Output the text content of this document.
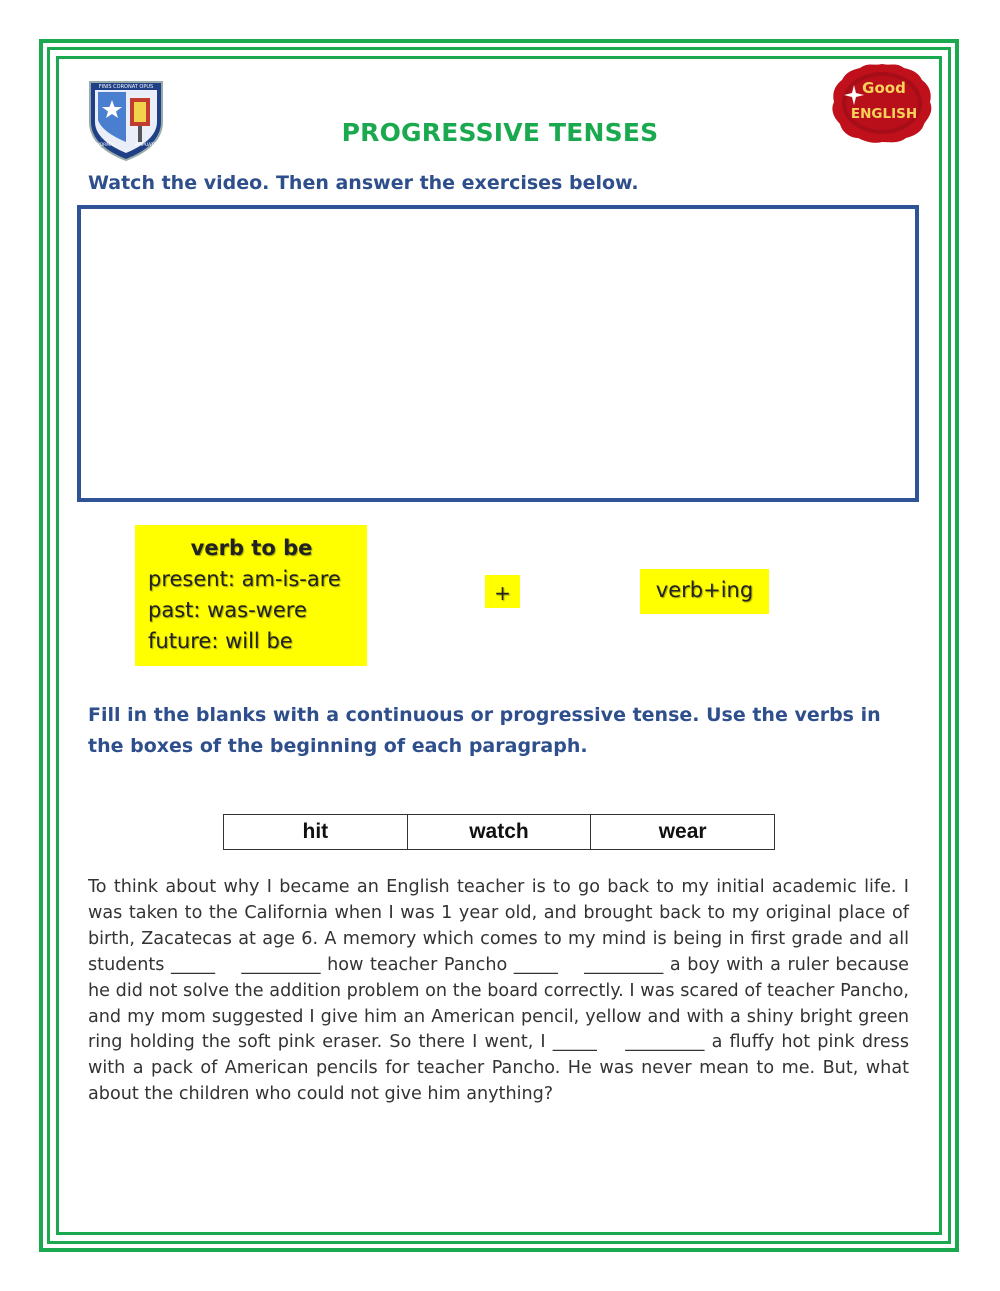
FINIS CORONAT OPUS
NORMAL	IRAPUATO
Good
ENGLISH
PROGRESSIVE TENSES
Watch the video. Then answer the exercises below.
verb to be
present: am-is-are
past: was-were
future: will be
+	verb+ing
Fill in the blanks with a continuous or progressive tense. Use the verbs in the boxes of the beginning of each paragraph.
hit	watch	wear

To think about why I became an English teacher is to go back to my initial academic life. I was taken to the California when I was 1 year old, and brought back to my original place of birth, Zacatecas at age 6. A memory which comes to my mind is being in first grade and all students _____    _________ how teacher Pancho _____    _________ a boy with a ruler because he did not solve the addition problem on the board correctly. I was scared of teacher Pancho, and my mom suggested I give him an American pencil, yellow and with a shiny bright green ring holding the soft pink eraser. So there I went, I _____    _________ a fluffy hot pink dress with a pack of American pencils for teacher Pancho. He was never mean to me. But, what about the children who could not give him anything?
